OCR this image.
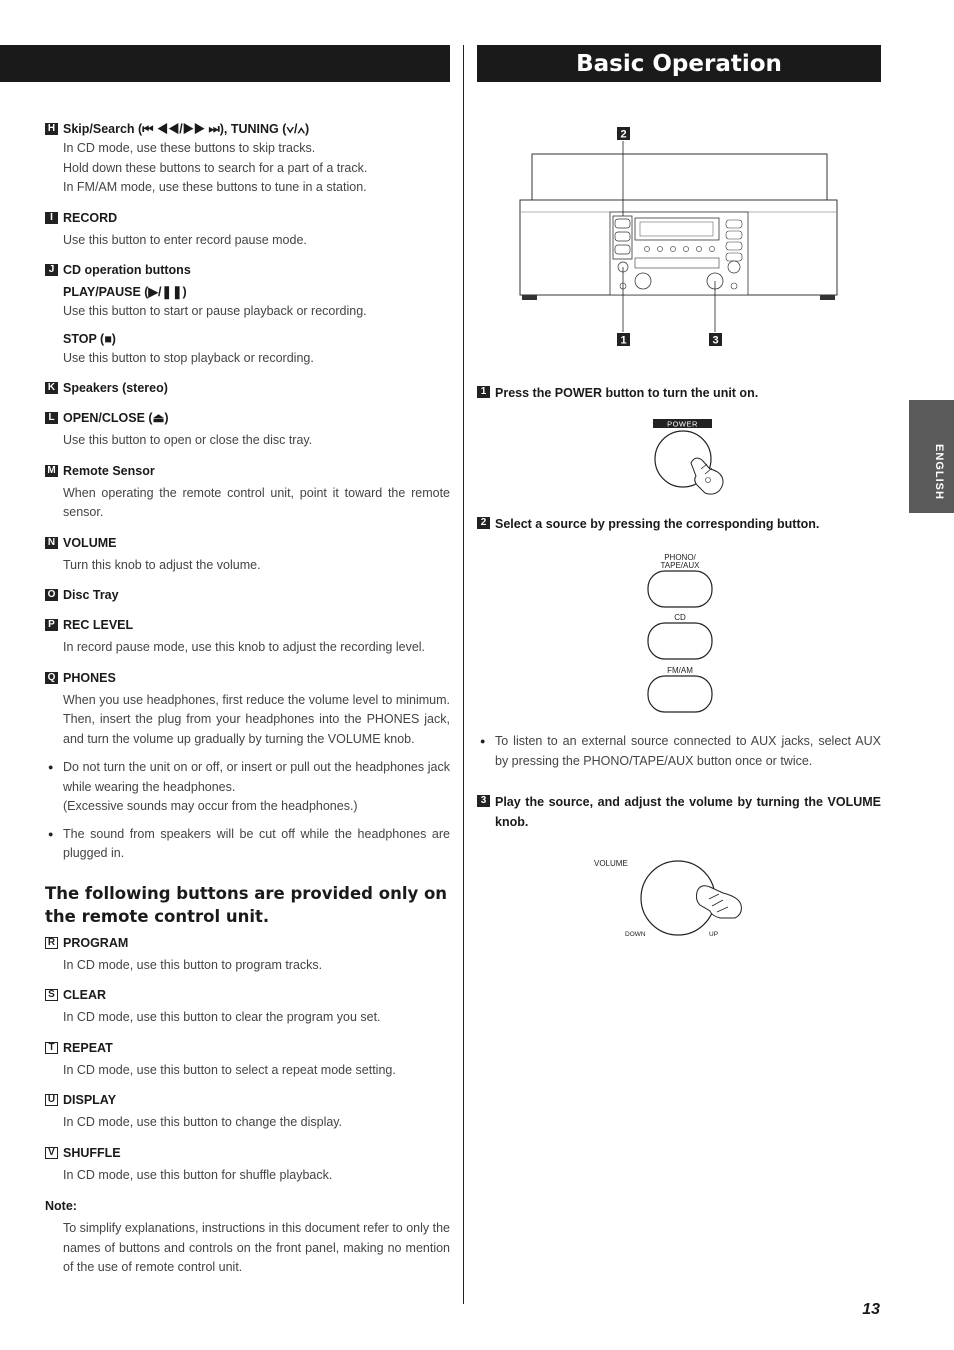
Basic Operation
H Skip/Search (⏮ ◀◀/▶▶ ⏭), TUNING (∨/∧)
In CD mode, use these buttons to skip tracks.
Hold down these buttons to search for a part of a track.
In FM/AM mode, use these buttons to tune in a station.
I RECORD
Use this button to enter record pause mode.
J CD operation buttons
PLAY/PAUSE (▶/❚❚)
Use this button to start or pause playback or recording.
STOP (■)
Use this button to stop playback or recording.
K Speakers (stereo)
L OPEN/CLOSE (⏏)
Use this button to open or close the disc tray.
M Remote Sensor
When operating the remote control unit, point it toward the remote sensor.
N VOLUME
Turn this knob to adjust the volume.
O Disc Tray
P REC LEVEL
In record pause mode, use this knob to adjust the recording level.
Q PHONES
When you use headphones, first reduce the volume level to minimum. Then, insert the plug from your headphones into the PHONES jack, and turn the volume up gradually by turning the VOLUME knob.
● Do not turn the unit on or off, or insert or pull out the headphones jack while wearing the headphones.
(Excessive sounds may occur from the headphones.)
● The sound from speakers will be cut off while the headphones are plugged in.
The following buttons are provided only on the remote control unit.
R PROGRAM
In CD mode, use this button to program tracks.
S CLEAR
In CD mode, use this button to clear the program you set.
T REPEAT
In CD mode, use this button to select a repeat mode setting.
U DISPLAY
In CD mode, use this button to change the display.
V SHUFFLE
In CD mode, use this button for shuffle playback.
Note:
To simplify explanations, instructions in this document refer to only the names of buttons and controls on the front panel, making no mention of the use of remote control unit.
2
1	3
1 Press the POWER button to turn the unit on.
POWER
2 Select a source by pressing the corresponding button.
PHONO/
TAPE/AUX
CD
FM/AM
● To listen to an external source connected to AUX jacks, select AUX by pressing the PHONO/TAPE/AUX button once or twice.
3 Play the source, and adjust the volume by turning the VOLUME knob.
VOLUME
DOWN	UP
ENGLISH
13
